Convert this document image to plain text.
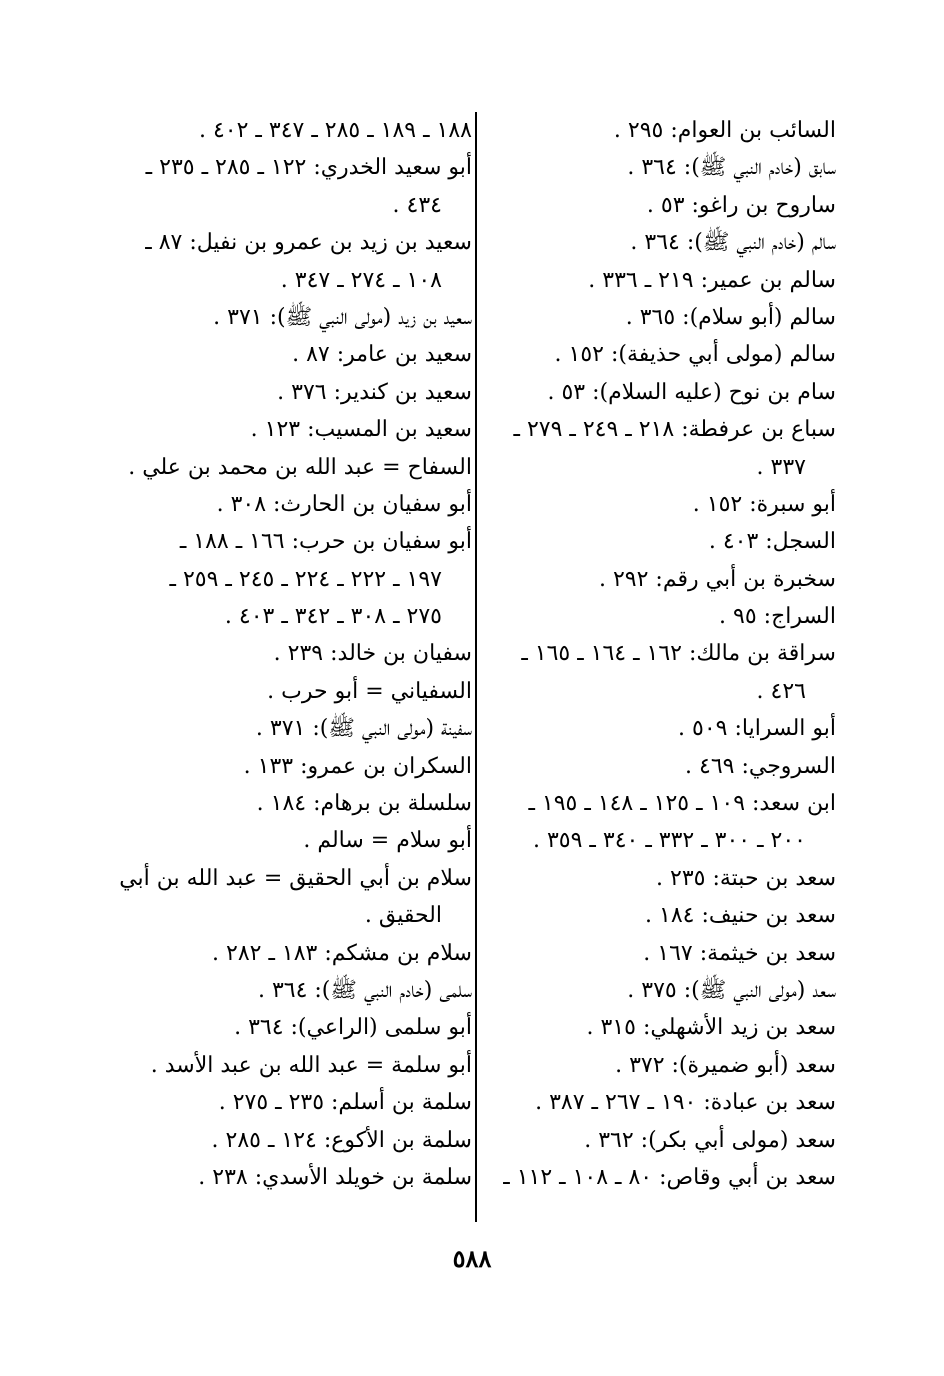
السائب بن العوام: ٢٩٥ .
سابق (خادم النبي ﷺ): ٣٦٤ .
ساروح بن راغو: ٥٣ .
سالم (خادم النبي ﷺ): ٣٦٤ .
سالم بن عمير: ٢١٩ ـ ٣٣٦ .
سالم (أبو سلام): ٣٦٥ .
سالم (مولى أبي حذيفة): ١٥٢ .
سام بن نوح (عليه السلام): ٥٣ .
سباع بن عرفطة: ٢١٨ ـ ٢٤٩ ـ ٢٧٩ ـ
٣٣٧ .
أبو سبرة: ١٥٢ .
السجل: ٤٠٣ .
سخبرة بن أبي رقم: ٢٩٢ .
السراج: ٩٥ .
سراقة بن مالك: ١٦٢ ـ ١٦٤ ـ ١٦٥ ـ
٤٢٦ .
أبو السرايا: ٥٠٩ .
السروجي: ٤٦٩ .
ابن سعد: ١٠٩ ـ ١٢٥ ـ ١٤٨ ـ ١٩٥ ـ
٢٠٠ ـ ٣٠٠ ـ ٣٣٢ ـ ٣٤٠ ـ ٣٥٩ .
سعد بن حبتة: ٢٣٥ .
سعد بن حنيف: ١٨٤ .
سعد بن خيثمة: ١٦٧ .
سعد (مولى النبي ﷺ): ٣٧٥ .
سعد بن زيد الأشهلي: ٣١٥ .
سعد (أبو ضميرة): ٣٧٢ .
سعد بن عبادة: ١٩٠ ـ ٢٦٧ ـ ٣٨٧ .
سعد (مولى أبي بكر): ٣٦٢ .
سعد بن أبي وقاص: ٨٠ ـ ١٠٨ ـ ١١٢ ـ
١٨٨ ـ ١٨٩ ـ ٢٨٥ ـ ٣٤٧ ـ ٤٠٢ .
أبو سعيد الخدري: ١٢٢ ـ ٢٨٥ ـ ٢٣٥ ـ
٤٣٤ .
سعيد بن زيد بن عمرو بن نفيل: ٨٧ ـ
١٠٨ ـ ٢٧٤ ـ ٣٤٧ .
سعيد بن زيد (مولى النبي ﷺ): ٣٧١ .
سعيد بن عامر: ٨٧ .
سعيد بن كندير: ٣٧٦ .
سعيد بن المسيب: ١٢٣ .
السفاح = عبد الله بن محمد بن علي .
أبو سفيان بن الحارث: ٣٠٨ .
أبو سفيان بن حرب: ١٦٦ ـ ١٨٨ ـ
١٩٧ ـ ٢٢٢ ـ ٢٢٤ ـ ٢٤٥ ـ ٢٥٩ ـ
٢٧٥ ـ ٣٠٨ ـ ٣٤٢ ـ ٤٠٣ .
سفيان بن خالد: ٢٣٩ .
السفياني = أبو حرب .
سفينة (مولى النبي ﷺ): ٣٧١ .
السكران بن عمرو: ١٣٣ .
سلسلة بن برهام: ١٨٤ .
أبو سلام = سالم .
سلام بن أبي الحقيق = عبد الله بن أبي
الحقيق .
سلام بن مشكم: ١٨٣ ـ ٢٨٢ .
سلمى (خادم النبي ﷺ): ٣٦٤ .
أبو سلمى (الراعي): ٣٦٤ .
أبو سلمة = عبد الله بن عبد الأسد .
سلمة بن أسلم: ٢٣٥ ـ ٢٧٥ .
سلمة بن الأكوع: ١٢٤ ـ ٢٨٥ .
سلمة بن خويلد الأسدي: ٢٣٨ .
٥٨٨
